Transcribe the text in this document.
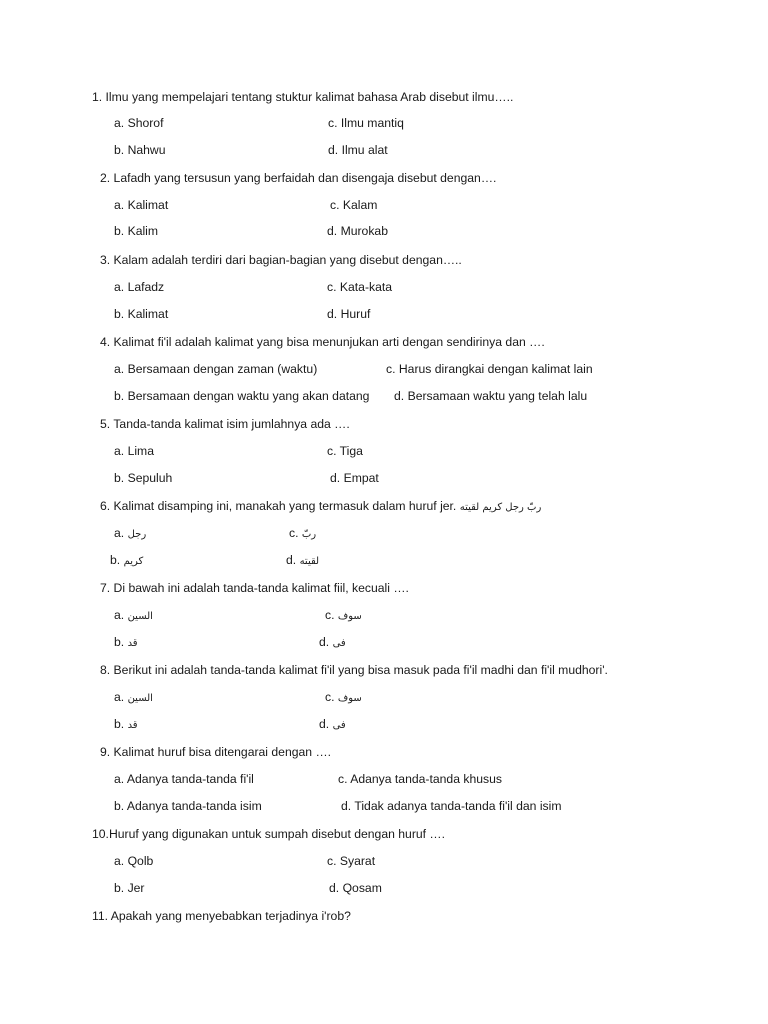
1. Ilmu yang mempelajari tentang stuktur kalimat bahasa Arab disebut ilmu…..
a. Shorof	c. Ilmu mantiq
b. Nahwu	d. Ilmu alat
2. Lafadh yang tersusun yang berfaidah dan disengaja disebut dengan….
a. Kalimat	c. Kalam
b. Kalim	d. Murokab
3. Kalam adalah terdiri dari bagian-bagian yang disebut dengan…..
a. Lafadz	c. Kata-kata
b. Kalimat	d. Huruf
4. Kalimat fi'il adalah kalimat yang bisa menunjukan arti dengan sendirinya dan ….
a. Bersamaan dengan zaman (waktu)	c. Harus dirangkai dengan kalimat lain
b. Bersamaan dengan waktu yang akan datang d. Bersamaan waktu yang telah lalu
5. Tanda-tanda kalimat isim jumlahnya ada ….
a. Lima	c. Tiga
b. Sepuluh	d. Empat
6. Kalimat disamping ini, manakah yang termasuk dalam huruf jer. ربّ رجل كريم لقيته
a. رجل	c. ربّ
b. كريم	d. لقيته
7. Di bawah ini adalah tanda-tanda kalimat fiil, kecuali ….
a. السين	c. سوف
b. قد	d. فى
8. Berikut ini adalah tanda-tanda kalimat fi'il yang bisa masuk pada fi'il madhi dan fi'il mudhori'.
a. السين	c. سوف
b. قد	d. فى
9. Kalimat huruf bisa ditengarai dengan ….
a. Adanya tanda-tanda fi'il	c. Adanya tanda-tanda khusus
b. Adanya tanda-tanda isim	d. Tidak adanya tanda-tanda fi'il dan isim
10.Huruf yang digunakan untuk sumpah disebut dengan huruf ….
a. Qolb	c. Syarat
b. Jer	d. Qosam
11. Apakah yang menyebabkan terjadinya i'rob?
